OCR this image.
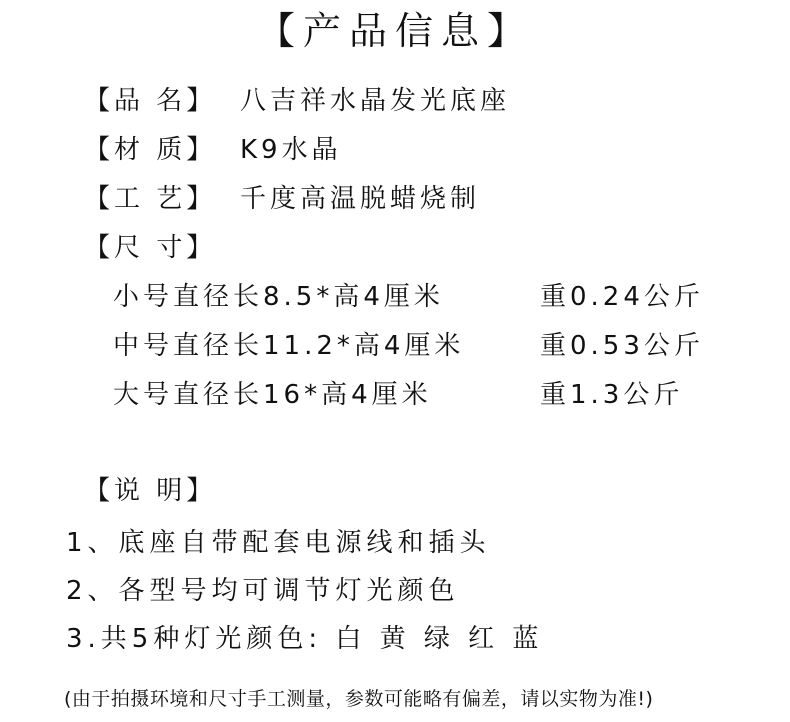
【产品信息】
【品 名】 八吉祥水晶发光底座
【材 质】 K9水晶
【工 艺】 千度高温脱蜡烧制
【尺 寸】
小号直径长8.5*高4厘米	重0.24公斤
中号直径长11.2*高4厘米	重0.53公斤
大号直径长16*高4厘米	重1.3公斤
【说 明】
1、底座自带配套电源线和插头
2、各型号均可调节灯光颜色
3.共5种灯光颜色: 白 黄 绿 红 蓝
(由于拍摄环境和尺寸手工测量，参数可能略有偏差，请以实物为准!)
